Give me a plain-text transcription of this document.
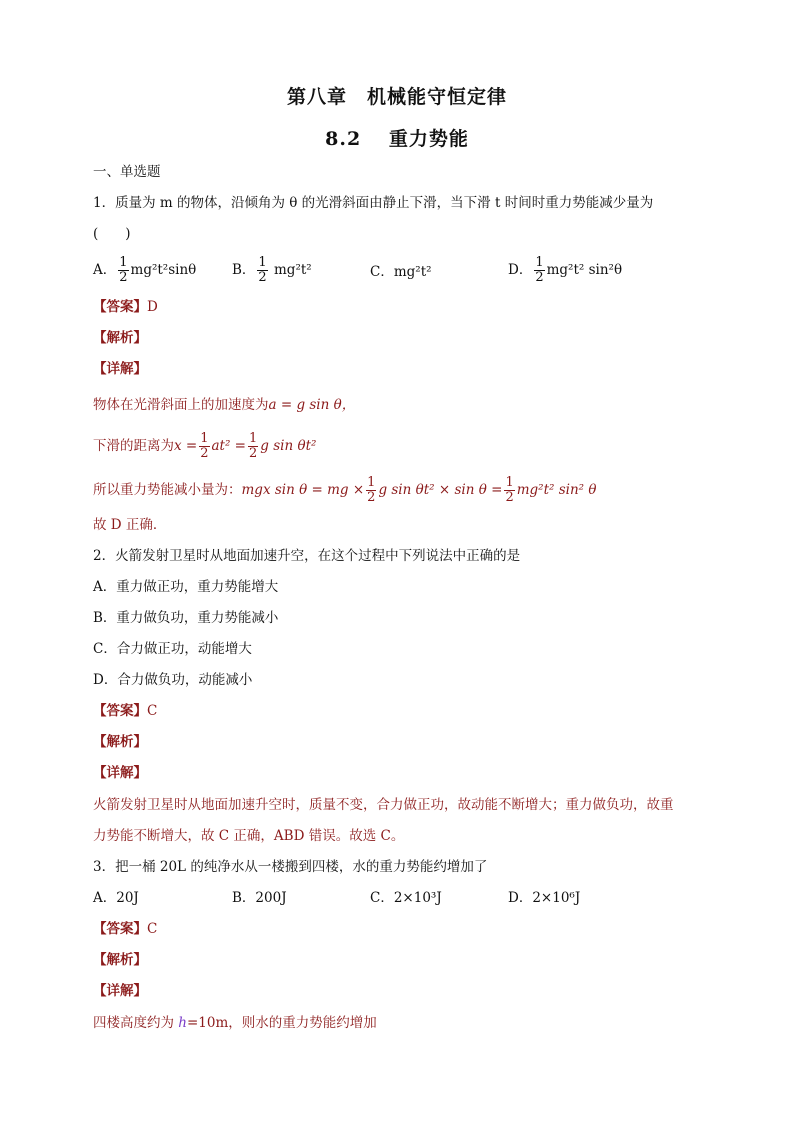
第八章　机械能守恒定律
8.2　 重力势能
一、单选题
1．质量为 m 的物体，沿倾角为 θ 的光滑斜面由静止下滑，当下滑 t 时间时重力势能减少量为
(　　)
A． $\frac{1}{2} mg^2t^2\sin\theta$	B． $\frac{1}{2} mg^2t^2$	C．mg²t²	D． $\frac{1}{2} mg^2t^2$ sin²θ
【答案】D
【解析】
【详解】
物体在光滑斜面上的加速度为a = g sin θ，
下滑的距离为$x = \frac{1}{2} at^2 = \frac{1}{2}$ g sin θt²
所以重力势能减小量为：mgx sin θ = mg × $\frac{1}{2}$ g $\sin \theta t^2 \times \sin \theta = \frac{1}{2} mg^2t^2$ sin² θ
故 D 正确．
2．火箭发射卫星时从地面加速升空，在这个过程中下列说法中正确的是
A．重力做正功，重力势能增大
B．重力做负功，重力势能减小
C．合力做正功，动能增大
D．合力做负功，动能减小
【答案】C
【解析】
【详解】
火箭发射卫星时从地面加速升空时，质量不变，合力做正功，故动能不断增大；重力做负功，故重
力势能不断增大，故 C 正确，ABD 错误。故选 C。
3．把一桶 20L 的纯净水从一楼搬到四楼，水的重力势能约增加了
A．20J	B．200J	C．2×10³J	D．2×10⁶J
【答案】C
【解析】
【详解】
四楼高度约为 h=10m，则水的重力势能约增加
